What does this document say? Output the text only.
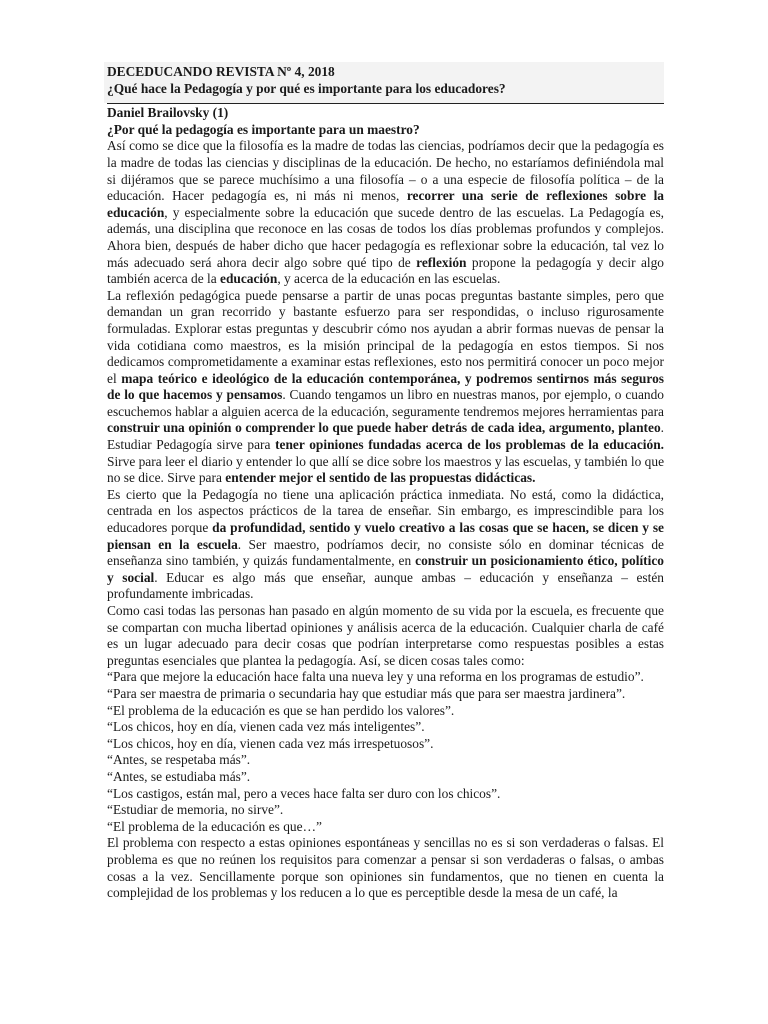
DECEDUCANDO REVISTA Nº 4, 2018
¿Qué hace la Pedagogía y por qué es importante para los educadores?
Daniel Brailovsky (1)
¿Por qué la pedagogía es importante para un maestro?

Así como se dice que la filosofía es la madre de todas las ciencias, podríamos decir que la pedagogía es la madre de todas las ciencias y disciplinas de la educación. De hecho, no estaríamos definiéndola mal si dijéramos que se parece muchísimo a una filosofía – o a una especie de filosofía política – de la educación. Hacer pedagogía es, ni más ni menos, recorrer una serie de reflexiones sobre la educación, y especialmente sobre la educación que sucede dentro de las escuelas. La Pedagogía es, además, una disciplina que reconoce en las cosas de todos los días problemas profundos y complejos. Ahora bien, después de haber dicho que hacer pedagogía es reflexionar sobre la educación, tal vez lo más adecuado será ahora decir algo sobre qué tipo de reflexión propone la pedagogía y decir algo también acerca de la educación, y acerca de la educación en las escuelas.

La reflexión pedagógica puede pensarse a partir de unas pocas preguntas bastante simples, pero que demandan un gran recorrido y bastante esfuerzo para ser respondidas, o incluso rigurosamente formuladas. Explorar estas preguntas y descubrir cómo nos ayudan a abrir formas nuevas de pensar la vida cotidiana como maestros, es la misión principal de la pedagogía en estos tiempos. Si nos dedicamos comprometidamente a examinar estas reflexiones, esto nos permitirá conocer un poco mejor el mapa teórico e ideológico de la educación contemporánea, y podremos sentirnos más seguros de lo que hacemos y pensamos. Cuando tengamos un libro en nuestras manos, por ejemplo, o cuando escuchemos hablar a alguien acerca de la educación, seguramente tendremos mejores herramientas para construir una opinión o comprender lo que puede haber detrás de cada idea, argumento, planteo. Estudiar Pedagogía sirve para tener opiniones fundadas acerca de los problemas de la educación. Sirve para leer el diario y entender lo que allí se dice sobre los maestros y las escuelas, y también lo que no se dice. Sirve para entender mejor el sentido de las propuestas didácticas.

Es cierto que la Pedagogía no tiene una aplicación práctica inmediata. No está, como la didáctica, centrada en los aspectos prácticos de la tarea de enseñar. Sin embargo, es imprescindible para los educadores porque da profundidad, sentido y vuelo creativo a las cosas que se hacen, se dicen y se piensan en la escuela. Ser maestro, podríamos decir, no consiste sólo en dominar técnicas de enseñanza sino también, y quizás fundamentalmente, en construir un posicionamiento ético, político y social. Educar es algo más que enseñar, aunque ambas – educación y enseñanza – estén profundamente imbricadas.

Como casi todas las personas han pasado en algún momento de su vida por la escuela, es frecuente que se compartan con mucha libertad opiniones y análisis acerca de la educación. Cualquier charla de café es un lugar adecuado para decir cosas que podrían interpretarse como respuestas posibles a estas preguntas esenciales que plantea la pedagogía. Así, se dicen cosas tales como:

“Para que mejore la educación hace falta una nueva ley y una reforma en los programas de estudio”.
“Para ser maestra de primaria o secundaria hay que estudiar más que para ser maestra jardinera”.
“El problema de la educación es que se han perdido los valores”.
“Los chicos, hoy en día, vienen cada vez más inteligentes”.
“Los chicos, hoy en día, vienen cada vez más irrespetuosos”.
“Antes, se respetaba más”.
“Antes, se estudiaba más”.
“Los castigos, están mal, pero a veces hace falta ser duro con los chicos”.
“Estudiar de memoria, no sirve”.
“El problema de la educación es que…”

El problema con respecto a estas opiniones espontáneas y sencillas no es si son verdaderas o falsas. El problema es que no reúnen los requisitos para comenzar a pensar si son verdaderas o falsas, o ambas cosas a la vez. Sencillamente porque son opiniones sin fundamentos, que no tienen en cuenta la complejidad de los problemas y los reducen a lo que es perceptible desde la mesa de un café, la
